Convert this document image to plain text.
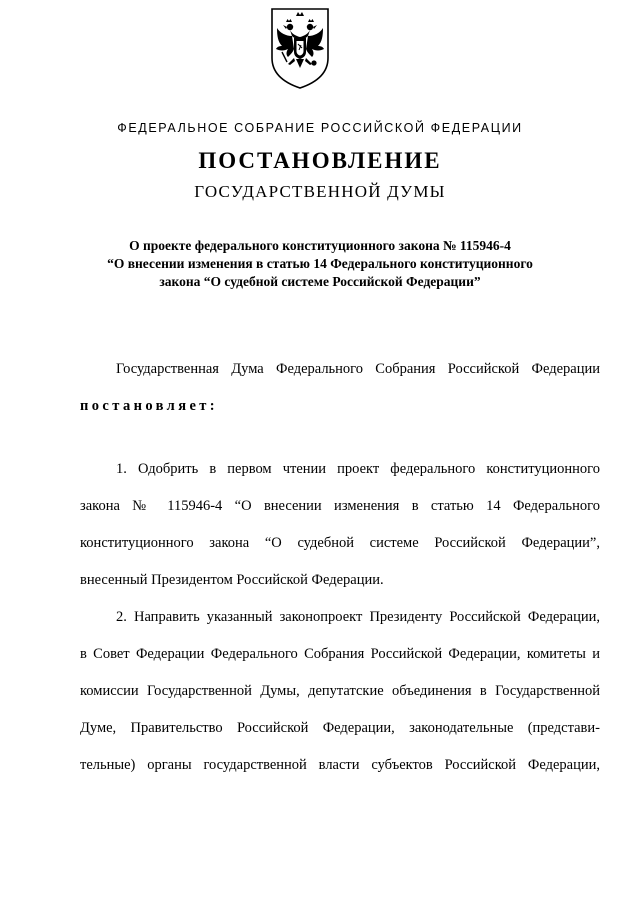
ФЕДЕРАЛЬНОЕ СОБРАНИЕ РОССИЙСКОЙ ФЕДЕРАЦИИ
ПОСТАНОВЛЕНИЕ
ГОСУДАРСТВЕННОЙ ДУМЫ
О проекте федерального конституционного закона № 115946-4
“О внесении изменения в статью 14 Федерального конституционного
закона “О судебной системе Российской Федерации”
Государственная Дума Федерального Собрания Российской Федерации
постановляет:
1. Одобрить в первом чтении проект федерального конституционного
закона № 115946-4 “О внесении изменения в статью 14 Федерального
конституционного закона “О судебной системе Российской Федерации”,
внесенный Президентом Российской Федерации.
2. Направить указанный законопроект Президенту Российской Федерации,
в Совет Федерации Федерального Собрания Российской Федерации, комитеты и
комиссии Государственной Думы, депутатские объединения в Государственной
Думе, Правительство Российской Федерации, законодательные (представи-
тельные) органы государственной власти субъектов Российской Федерации,
